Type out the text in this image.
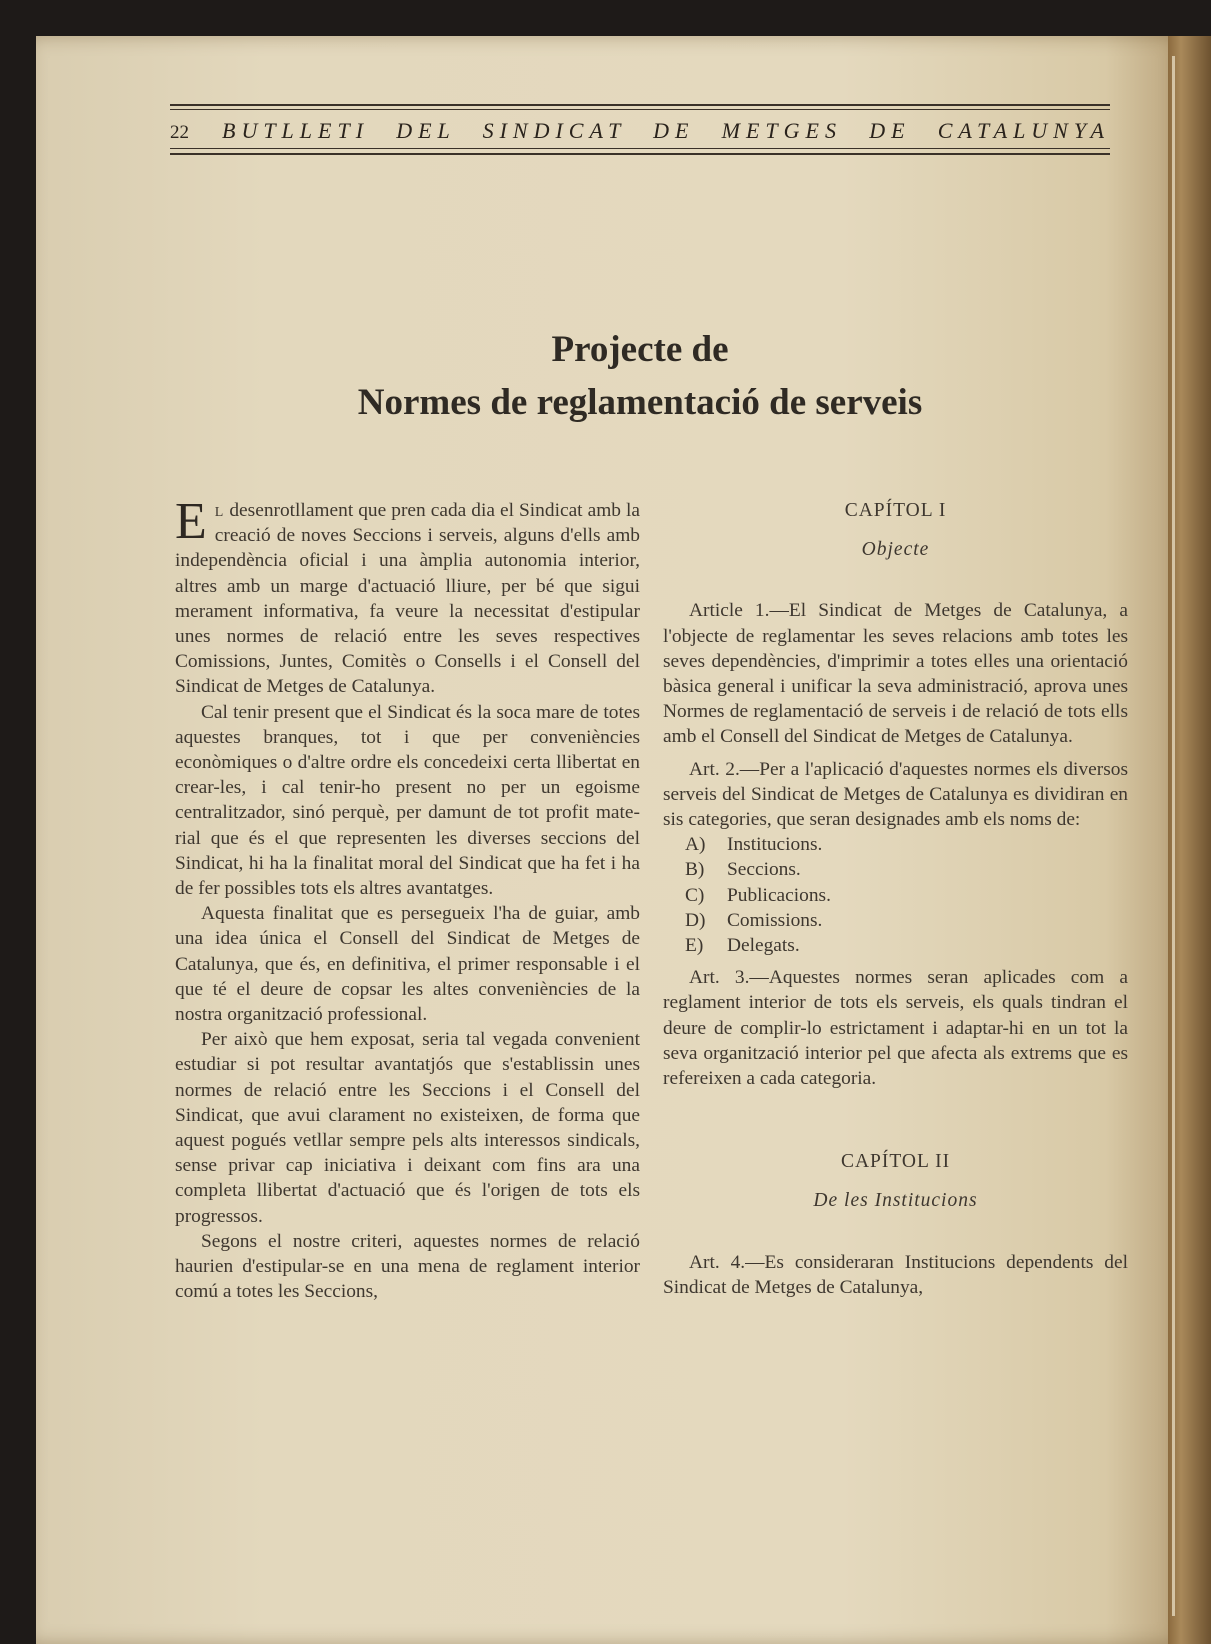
22 BUTLLETI DEL SINDICAT DE METGES DE CATALUNYA
Projecte de
Normes de reglamentació de serveis

El desenrotllament que pren cada dia el Sindicat amb la creació de noves Seccions i serveis, alguns d'ells amb independència oficial i una àmplia autonomia interior, altres amb un marge d'actuació lliure, per bé que sigui merament informativa, fa veure la necessitat d'estipular unes normes de relació entre les seves respectives Comissions, Juntes, Comitès o Consells i el Consell del Sindicat de Metges de Catalunya.

Cal tenir present que el Sindicat és la soca mare de totes aquestes branques, tot i que per conveniències econòmiques o d'altre ordre els concedeixi certa llibertat en crear-les, i cal tenir-ho present no per un egoisme centralitzador, sinó perquè, per damunt de tot profit material que és el que representen les diverses seccions del Sindicat, hi ha la finalitat moral del Sindicat que ha fet i ha de fer possibles tots els altres avantatges.

Aquesta finalitat que es persegueix l'ha de guiar, amb una idea única el Consell del Sindicat de Metges de Catalunya, que és, en definitiva, el primer responsable i el que té el deure de copsar les altes conveniències de la nostra organització professional.

Per això que hem exposat, seria tal vegada convenient estudiar si pot resultar avantatjós que s'establissin unes normes de relació entre les Seccions i el Consell del Sindicat, que avui clarament no existeixen, de forma que aquest pogués vetllar sempre pels alts interessos sindicals, sense privar cap iniciativa i deixant com fins ara una completa llibertat d'actuació que és l'origen de tots els progressos.

Segons el nostre criteri, aquestes normes de relació haurien d'estipular-se en una mena de reglament interior comú a totes les Seccions,

CAPÍTOL I

Objecte

Article 1.—El Sindicat de Metges de Catalunya, a l'objecte de reglamentar les seves relacions amb totes les seves dependències, d'imprimir a totes elles una orientació bàsica general i unificar la seva administració, aprova unes Normes de reglamentació de serveis i de relació de tots ells amb el Consell del Sindicat de Metges de Catalunya.

Art. 2.—Per a l'aplicació d'aquestes normes els diversos serveis del Sindicat de Metges de Catalunya es dividiran en sis categories, que seran designades amb els noms de:

A) Institucions.
B) Seccions.
C) Publicacions.
D) Comissions.
E) Delegats.

Art. 3.—Aquestes normes seran aplicades com a reglament interior de tots els serveis, els quals tindran el deure de complir-lo estrictament i adaptar-hi en un tot la seva organització interior pel que afecta als extrems que es refereixen a cada categoria.

CAPÍTOL II

De les Institucions

Art. 4.—Es consideraran Institucions dependents del Sindicat de Metges de Catalunya,
